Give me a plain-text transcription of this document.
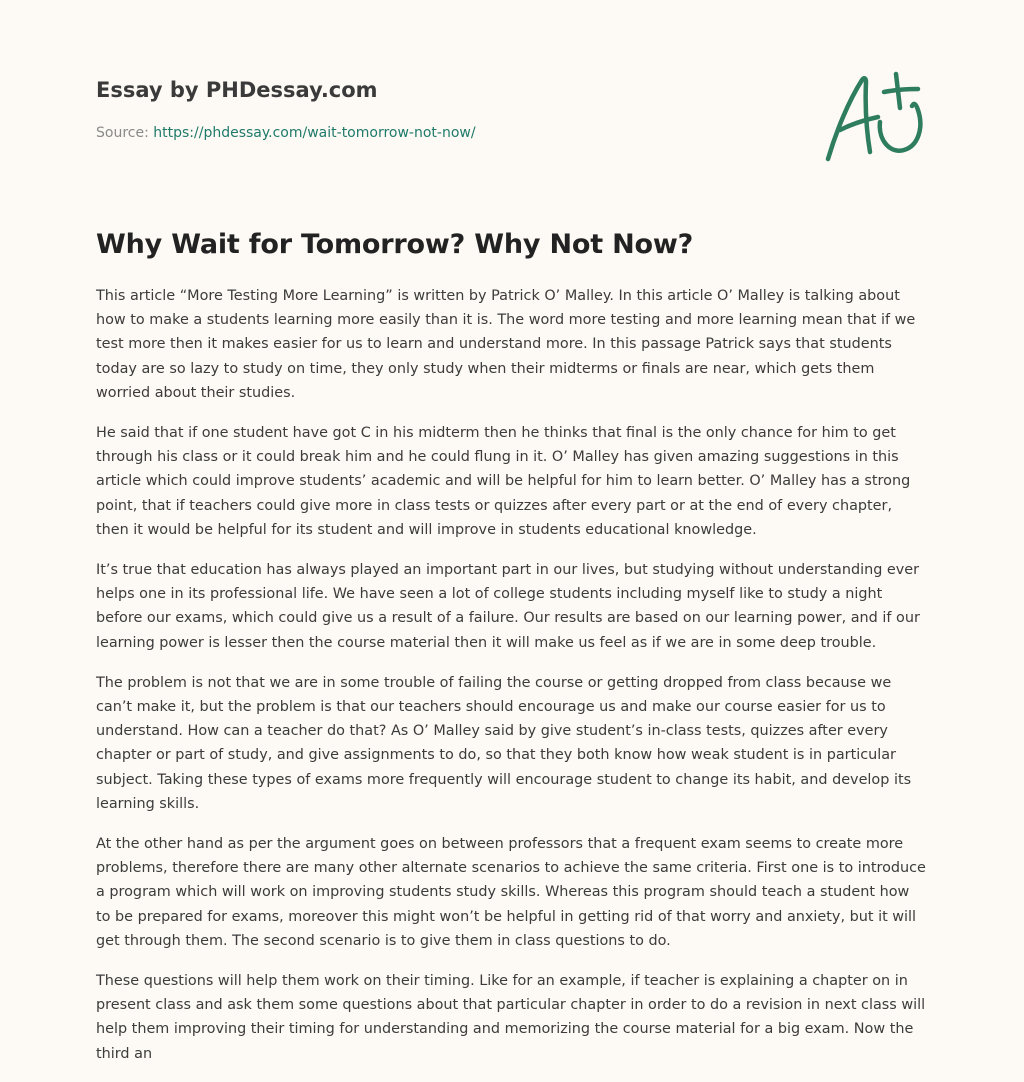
Essay by PHDessay.com
Source: https://phdessay.com/wait-tomorrow-not-now/
Why Wait for Tomorrow? Why Not Now?

This article “More Testing More Learning” is written by Patrick O’ Malley. In this article O’ Malley is talking about how to make a students learning more easily than it is. The word more testing and more learning mean that if we test more then it makes easier for us to learn and understand more. In this passage Patrick says that students today are so lazy to study on time, they only study when their midterms or finals are near, which gets them worried about their studies.

He said that if one student have got C in his midterm then he thinks that final is the only chance for him to get through his class or it could break him and he could flung in it. O’ Malley has given amazing suggestions in this article which could improve students’ academic and will be helpful for him to learn better. O’ Malley has a strong point, that if teachers could give more in class tests or quizzes after every part or at the end of every chapter, then it would be helpful for its student and will improve in students educational knowledge.

It’s true that education has always played an important part in our lives, but studying without understanding ever helps one in its professional life. We have seen a lot of college students including myself like to study a night before our exams, which could give us a result of a failure. Our results are based on our learning power, and if our learning power is lesser then the course material then it will make us feel as if we are in some deep trouble.

The problem is not that we are in some trouble of failing the course or getting dropped from class because we can’t make it, but the problem is that our teachers should encourage us and make our course easier for us to understand. How can a teacher do that? As O’ Malley said by give student’s in-class tests, quizzes after every chapter or part of study, and give assignments to do, so that they both know how weak student is in particular subject. Taking these types of exams more frequently will encourage student to change its habit, and develop its learning skills.

At the other hand as per the argument goes on between professors that a frequent exam seems to create more problems, therefore there are many other alternate scenarios to achieve the same criteria. First one is to introduce a program which will work on improving students study skills. Whereas this program should teach a student how to be prepared for exams, moreover this might won’t be helpful in getting rid of that worry and anxiety, but it will get through them. The second scenario is to give them in class questions to do.

These questions will help them work on their timing. Like for an example, if teacher is explaining a chapter on in present class and ask them some questions about that particular chapter in order to do a revision in next class will help them improving their timing for understanding and memorizing the course material for a big exam. Now the third an
